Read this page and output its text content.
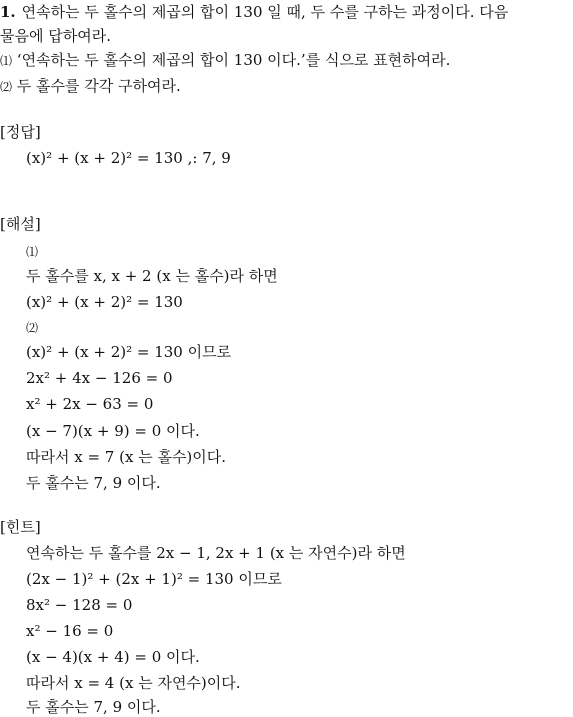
1. 연속하는 두 홀수의 제곱의 합이 130 일 때, 두 수를 구하는 과정이다. 다음
물음에 답하여라.
⑴ ‘연속하는 두 홀수의 제곱의 합이 130 이다.’를 식으로 표현하여라.
⑵ 두 홀수를 각각 구하여라.
[정답]
(x)² + (x + 2)² = 130 ,: 7, 9
[해설]
⑴
두 홀수를 x, x + 2 (x 는 홀수)라 하면
(x)² + (x + 2)² = 130
⑵
(x)² + (x + 2)² = 130 이므로
2x² + 4x − 126 = 0
x² + 2x − 63 = 0
(x − 7)(x + 9) = 0 이다.
따라서 x = 7 (x 는 홀수)이다.
두 홀수는 7, 9 이다.
[힌트]
연속하는 두 홀수를 2x − 1, 2x + 1 (x 는 자연수)라 하면
(2x − 1)² + (2x + 1)² = 130 이므로
8x² − 128 = 0
x² − 16 = 0
(x − 4)(x + 4) = 0 이다.
따라서 x = 4 (x 는 자연수)이다.
두 홀수는 7, 9 이다.
